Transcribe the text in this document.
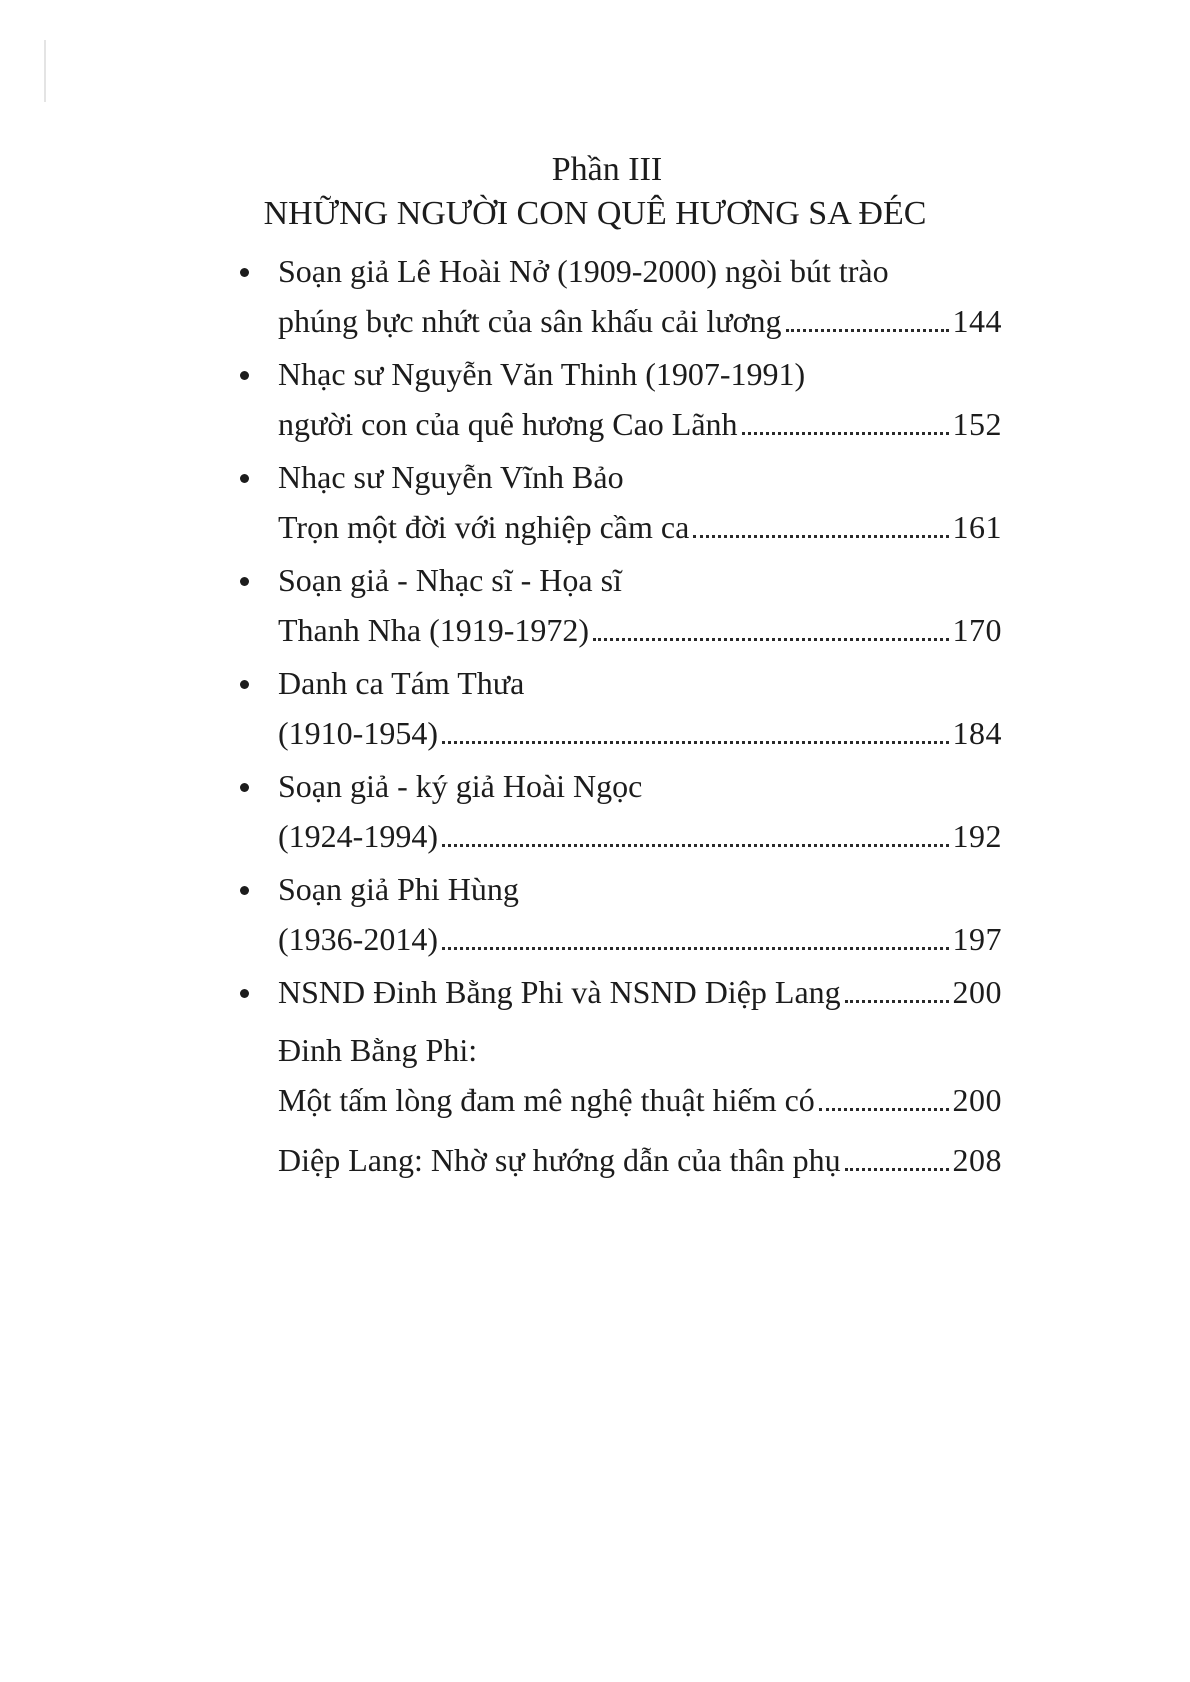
Phần III
NHỮNG NGƯỜI CON QUÊ HƯƠNG SA ĐÉC
Soạn giả Lê Hoài Nở (1909-2000) ngòi bút trào
phúng bực nhứt của sân khấu cải lương	144
Nhạc sư Nguyễn Văn Thinh (1907-1991)
người con của quê hương Cao Lãnh	152
Nhạc sư Nguyễn Vĩnh Bảo
Trọn một đời với nghiệp cầm ca	161
Soạn giả - Nhạc sĩ - Họa sĩ
Thanh Nha (1919-1972)	170
Danh ca Tám Thưa
(1910-1954)	184
Soạn giả - ký giả Hoài Ngọc
(1924-1994)	192
Soạn giả Phi Hùng
(1936-2014)	197
NSND Đinh Bằng Phi và NSND Diệp Lang	200
Đinh Bằng Phi:
Một tấm lòng đam mê nghệ thuật hiếm có	200
Diệp Lang: Nhờ sự hướng dẫn của thân phụ	208
